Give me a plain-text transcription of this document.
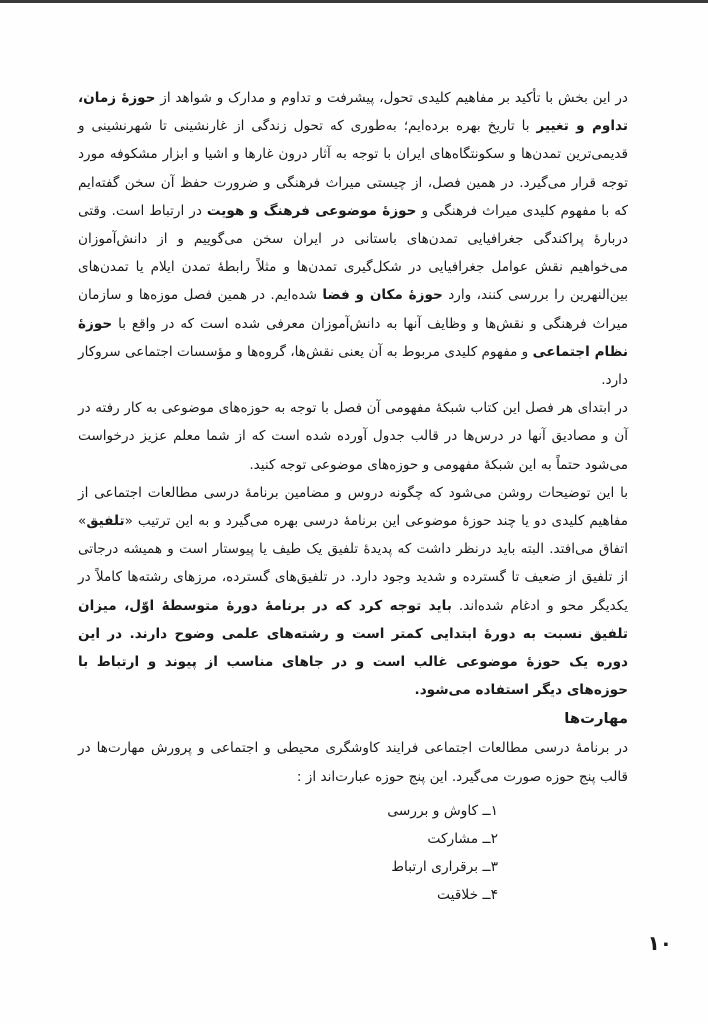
در این بخش با تأکید بر مفاهیم کلیدی تحول، پیشرفت و تداوم و مدارک و شواهد از حوزهٔ زمان، تداوم و تغییر با تاریخ بهره برده‌ایم؛ به‌طوری که تحول زندگی از غارنشینی تا شهرنشینی و قدیمی‌ترین تمدن‌ها و سکونتگاه‌های ایران با توجه به آثار درون غارها و اشیا و ابزار مشکوفه مورد توجه قرار می‌گیرد. در همین فصل، از چیستی میراث فرهنگی و ضرورت حفظ آن سخن گفته‌ایم که با مفهوم کلیدی میراث فرهنگی و حوزهٔ موضوعی فرهنگ و هویت در ارتباط است. وقتی دربارهٔ پراکندگی جغرافیایی تمدن‌های باستانی در ایران سخن می‌گوییم و از دانش‌آموزان می‌خواهیم نقش عوامل جغرافیایی در شکل‌گیری تمدن‌ها و مثلاً رابطهٔ تمدن ایلام یا تمدن‌های بین‌النهرین را بررسی کنند، وارد حوزهٔ مکان و فضا شده‌ایم. در همین فصل موزه‌ها و سازمان میراث فرهنگی و نقش‌ها و وظایف آنها به دانش‌آموزان معرفی شده است که در واقع با حوزهٔ نظام اجتماعی و مفهوم کلیدی مربوط به آن یعنی نقش‌ها، گروه‌ها و مؤسسات اجتماعی سروکار دارد.

در ابتدای هر فصل این کتاب شبکهٔ مفهومی آن فصل با توجه به حوزه‌های موضوعی به کار رفته در آن و مصادیق آنها در درس‌ها در قالب جدول آورده شده است که از شما معلم عزیز درخواست می‌شود حتماً به این شبکهٔ مفهومی و حوزه‌های موضوعی توجه کنید.

با این توضیحات روشن می‌شود که چگونه دروس و مضامین برنامهٔ درسی مطالعات اجتماعی از مفاهیم کلیدی دو یا چند حوزهٔ موضوعی این برنامهٔ درسی بهره می‌گیرد و به این ترتیب «تلفیق» اتفاق می‌افتد. البته باید درنظر داشت که پدیدهٔ تلفیق یک طیف یا پیوستار است و همیشه درجاتی از تلفیق از ضعیف تا گسترده و شدید وجود دارد. در تلفیق‌های گسترده، مرزهای رشته‌ها کاملاً در یکدیگر محو و ادغام شده‌اند. باید توجه کرد که در برنامهٔ دورهٔ متوسطهٔ اوّل، میزان تلفیق نسبت به دورهٔ ابتدایی کمتر است و رشته‌های علمی وضوح دارند. در این دوره یک حوزهٔ موضوعی غالب است و در جاهای مناسب از پیوند و ارتباط با حوزه‌های دیگر استفاده می‌شود.

مهارت‌ها

در برنامهٔ درسی مطالعات اجتماعی فرایند کاوشگری محیطی و اجتماعی و پرورش مهارت‌ها در قالب پنج حوزه صورت می‌گیرد. این پنج حوزه عبارت‌اند از :

۱ــ کاوش و بررسی
۲ــ مشارکت
۳ــ برقراری ارتباط
۴ــ خلاقیت
۱۰
